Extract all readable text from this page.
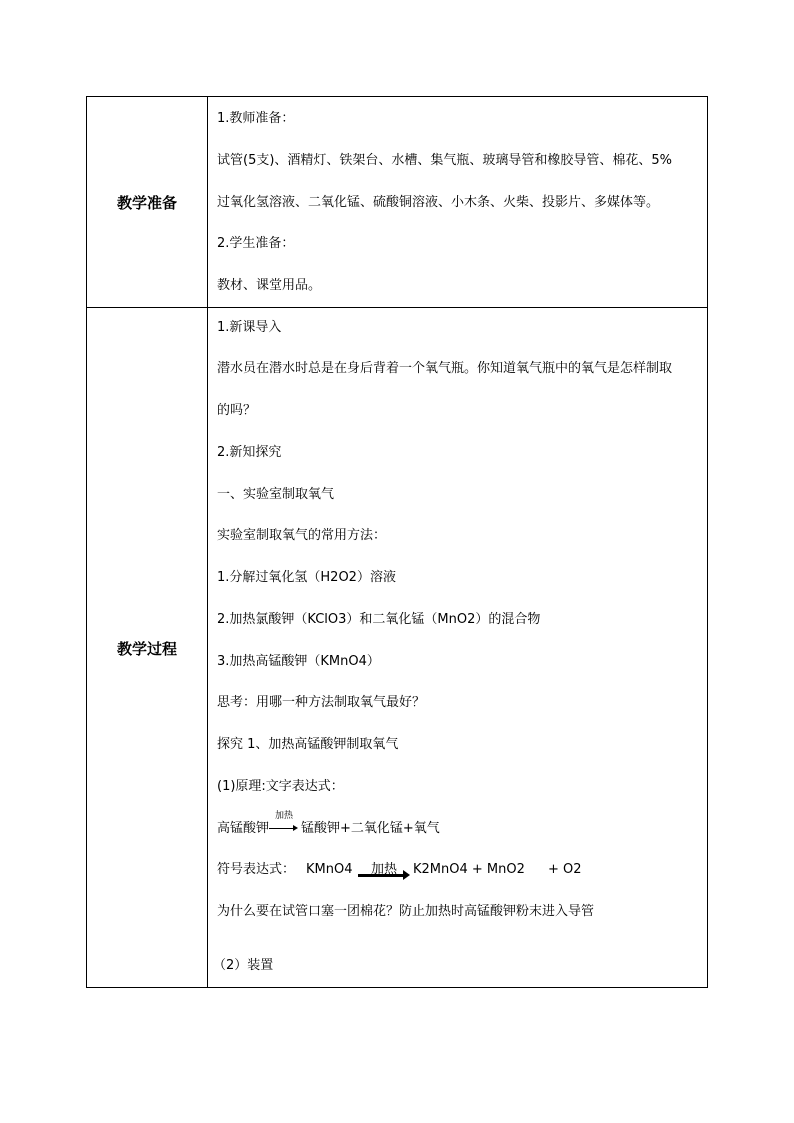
教学准备
1.教师准备：
试管(5支)、酒精灯、铁架台、水槽、集气瓶、玻璃导管和橡胶导管、棉花、5%
过氧化氢溶液、二氧化锰、硫酸铜溶液、小木条、火柴、投影片、多媒体等。
2.学生准备：
教材、课堂用品。
教学过程
1.新课导入
潜水员在潜水时总是在身后背着一个氧气瓶。你知道氧气瓶中的氧气是怎样制取
的吗？
2.新知探究
一、实验室制取氧气
实验室制取氧气的常用方法：
1.分解过氧化氢（H2O2）溶液
2.加热氯酸钾（KClO3）和二氧化锰（MnO2）的混合物
3.加热高锰酸钾（KMnO4）
思考：用哪一种方法制取氧气最好？
探究 1、加热高锰酸钾制取氧气
(1)原理:文字表达式：
高锰酸钾
加热
锰酸钾+二氧化锰+氧气
符号表达式： KMnO4 加热 K2MnO4 + MnO2 + O2
为什么要在试管口塞一团棉花？防止加热时高锰酸钾粉末进入导管
（2）装置
